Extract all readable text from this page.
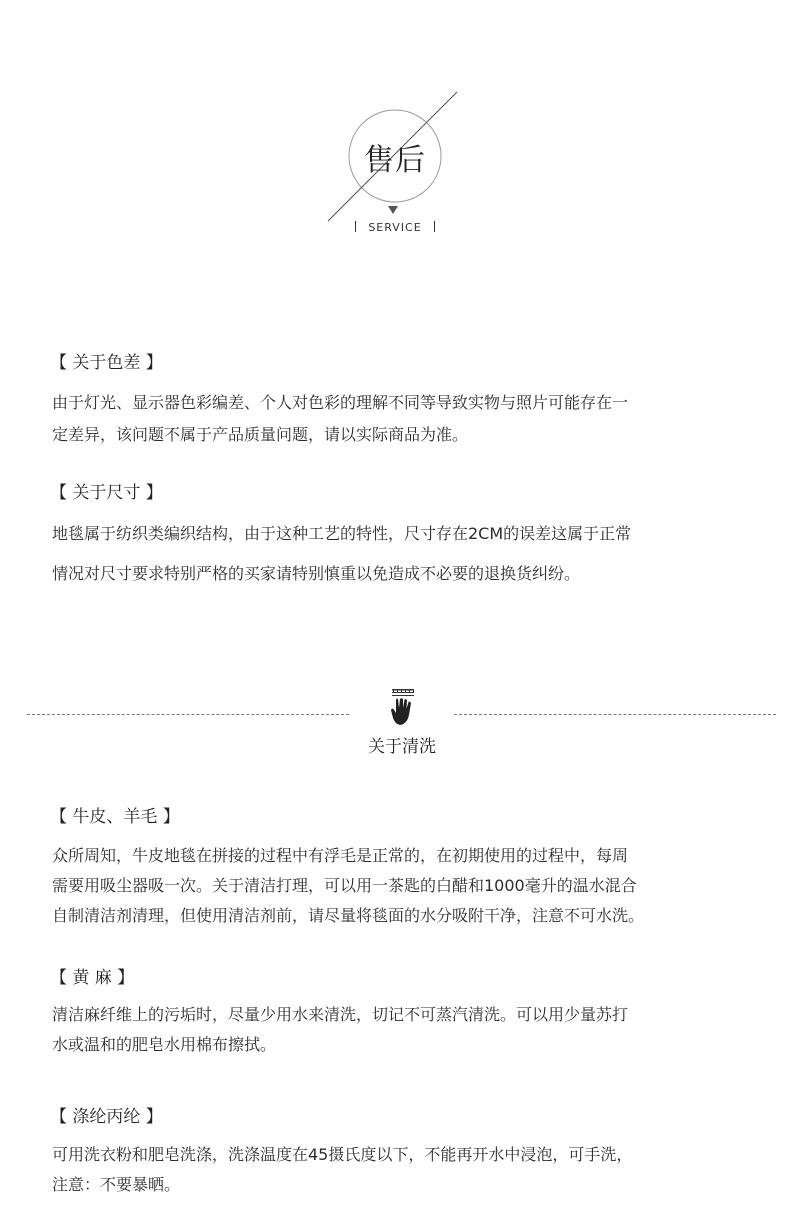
售后
SERVICE
【 关于色差 】
由于灯光、显示器色彩编差、个人对色彩的理解不同等导致实物与照片可能存在一
定差异，该问题不属于产品质量问题，请以实际商品为准。
【 关于尺寸 】
地毯属于纺织类编织结构，由于这种工艺的特性，尺寸存在2CM的误差这属于正常
情况对尺寸要求特别严格的买家请特别慎重以免造成不必要的退换货纠纷。
关于清洗
【 牛皮、羊毛 】
众所周知，牛皮地毯在拼接的过程中有浮毛是正常的，在初期使用的过程中，每周
需要用吸尘器吸一次。关于清洁打理，可以用一茶匙的白醋和1000毫升的温水混合
自制清洁剂清理，但使用清洁剂前，请尽量将毯面的水分吸附干净，注意不可水洗。
【 黄 麻 】
清洁麻纤维上的污垢时，尽量少用水来清洗，切记不可蒸汽清洗。可以用少量苏打
水或温和的肥皂水用棉布擦拭。
【 涤纶丙纶 】
可用洗衣粉和肥皂洗涤，洗涤温度在45摄氏度以下，不能再开水中浸泡，可手洗，
注意：不要暴晒。
